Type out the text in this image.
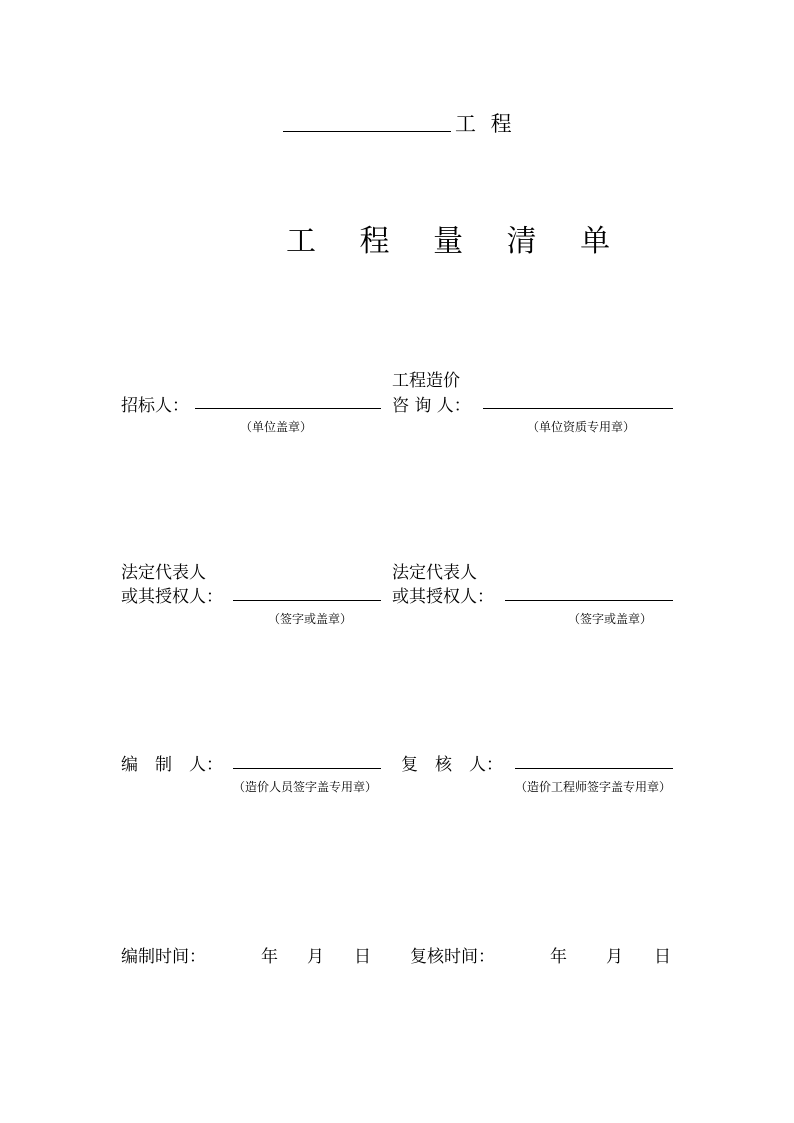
工 程
工 程 量 清 单
招标人：
（单位盖章）
工程造价
咨 询 人：
（单位资质专用章）
法定代表人
或其授权人：
（签字或盖章）
法定代表人
或其授权人：
（签字或盖章）
编　制　人：
（造价人员签字盖专用章）
复　核　人：
（造价工程师签字盖专用章）
编制时间：	年 月 日 复核时间：	年 月 日
